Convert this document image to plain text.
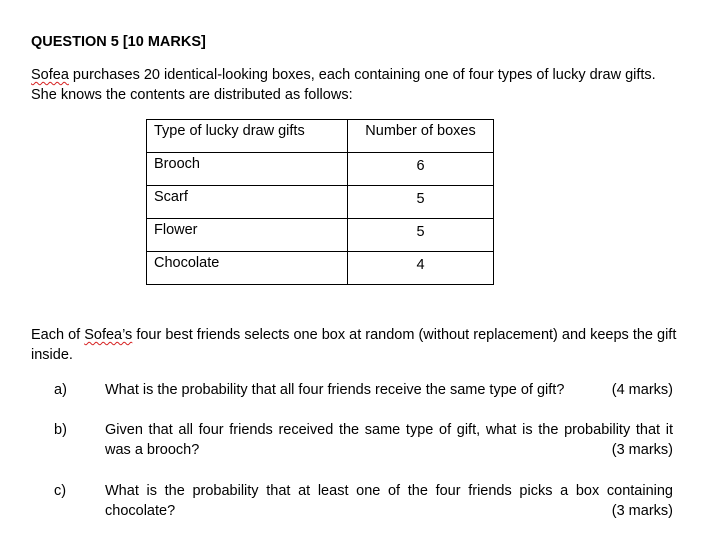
QUESTION 5 [10 MARKS]
Sofea purchases 20 identical-looking boxes, each containing one of four types of lucky draw gifts.
She knows the contents are distributed as follows:
Type of lucky draw gifts	Number of boxes
Brooch	6
Scarf	5
Flower	5
Chocolate	4
Each of Sofea’s four best friends selects one box at random (without replacement) and keeps the gift inside.
a)	What is the probability that all four friends receive the same type of gift?	(4 marks)
b)	Given that all four friends received the same type of gift, what is the probability that it was a brooch?	(3 marks)
c)	What is the probability that at least one of the four friends picks a box containing chocolate?	(3 marks)
